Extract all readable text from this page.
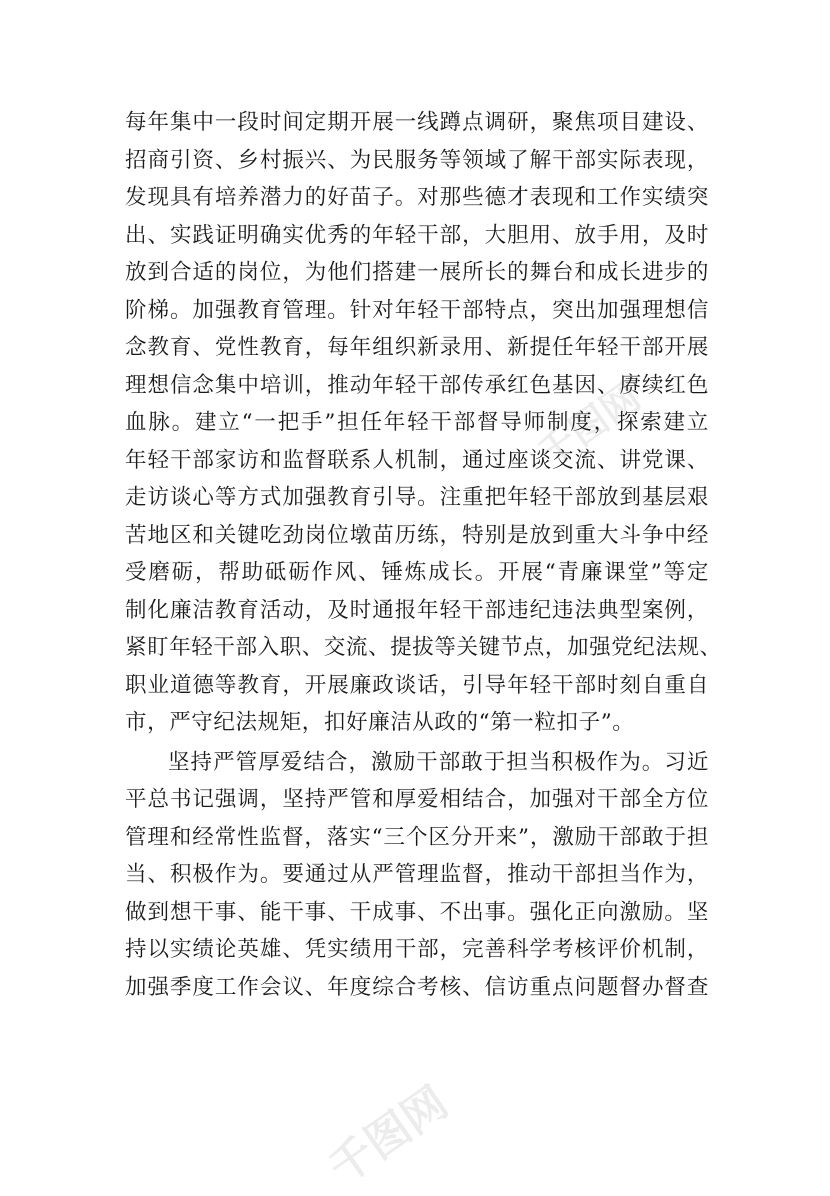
千图网
千图网
每年集中一段时间定期开展一线蹲点调研，聚焦项目建设、
招商引资、乡村振兴、为民服务等领域了解干部实际表现，
发现具有培养潜力的好苗子。对那些德才表现和工作实绩突
出、实践证明确实优秀的年轻干部，大胆用、放手用，及时
放到合适的岗位，为他们搭建一展所长的舞台和成长进步的
阶梯。加强教育管理。针对年轻干部特点，突出加强理想信
念教育、党性教育，每年组织新录用、新提任年轻干部开展
理想信念集中培训，推动年轻干部传承红色基因、赓续红色
血脉。建立“一把手”担任年轻干部督导师制度，探索建立
年轻干部家访和监督联系人机制，通过座谈交流、讲党课、
走访谈心等方式加强教育引导。注重把年轻干部放到基层艰
苦地区和关键吃劲岗位墩苗历练，特别是放到重大斗争中经
受磨砺，帮助砥砺作风、锤炼成长。开展“青廉课堂”等定
制化廉洁教育活动，及时通报年轻干部违纪违法典型案例，
紧盯年轻干部入职、交流、提拔等关键节点，加强党纪法规、
职业道德等教育，开展廉政谈话，引导年轻干部时刻自重自
市，严守纪法规矩，扣好廉洁从政的“第一粒扣子”。
坚持严管厚爱结合，激励干部敢于担当积极作为。习近
平总书记强调，坚持严管和厚爱相结合，加强对干部全方位
管理和经常性监督，落实“三个区分开来”，激励干部敢于担
当、积极作为。要通过从严管理监督，推动干部担当作为，
做到想干事、能干事、干成事、不出事。强化正向激励。坚
持以实绩论英雄、凭实绩用干部，完善科学考核评价机制，
加强季度工作会议、年度综合考核、信访重点问题督办督查
